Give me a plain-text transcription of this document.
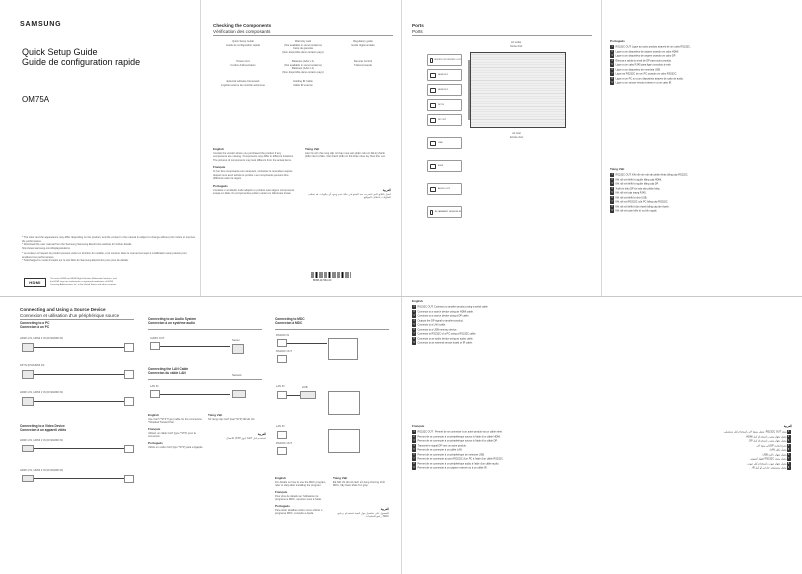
SAMSUNG
Quick Setup Guide
Guide de configuration rapide
OM75A
* The color and the appearance may differ depending on the product, and the content in the manual is subject to change without prior notice to improve the performance.
* Download the user manual from the Samsung Samsung Electronics website for further details.
http://www.samsung.com/displaysolutions
* La couleur et l'aspect du produit peuvent varier en fonction du modèle, et le contenu dans le manuel est sujet à modification sans préavis pour améliorer les performances.
* Téléchargez le mode d'emploi sur le site Web de Samsung Electronics pour plus de détails.
HDMI
The terms HDMI and HDMI High-Definition Multimedia Interface, and the HDMI Logo are trademarks or registered trademarks of HDMI Licensing Administrator, Inc. in the United States and other countries.
Checking the Components
Vérification des composants
Quick Setup Guide
Guide de configuration rapide
Warranty card
(Not available in some locations)
Carte de garantie
(Non disponible dans certains pays)
Regulatory guide
Guide réglementaire
Power cord
Cordon d'alimentation
Batteries (AAA x 2)
(Not available in some locations)
Batteries (AAA x 2)
(Non disponible dans certains pays)
Remote Control
Télécommande
External software framework
Logiciel externe de contrôle autonome
Holding IR Cable
Câble IR externe
English
Contact the vendor where you purchased the product if any components are missing. Components may differ in different locations. The pictures of components may look different from the actual items.
Français
Si l'un des composants est manquant, contactez le revendeur auprès duquel vous avez acheté le produit. Les composants peuvent être différents selon la région.
Português
Contacte o vendedor onde adquiriu o produto caso algum componente esteja em falta. Os componentes podem variar em diferentes locais.
Tiếng Việt
Liên hệ với nhà cung cấp nơi bạn mua sản phẩm nếu có bất kỳ thành phần nào bị thiếu. Các thành phần có thể khác nhau tùy theo khu vực.
العربية
اتصل بالبائع الذي اشتريت منه المنتج في حالة عدم وجود أي مكونات. قد تختلف المكونات باختلاف المواقع.
BN68-11726A-00
Ports
Ports
Air outlet
Sortie d'air
Air inlet
Entrée d'air
RS232C IN / RS232C OUT
HDMI IN 1
HDMI IN 2
DP IN
DP OUT
USB
RJ45
AUDIO OUT
IR / AMBIENT SENSOR IN
Português
1 RS232C OUT: Ligue ao outro produto através de um cabo RS232C.
2 Ligue a um dispositivo de origem usando um cabo HDMI.
3 Ligue a um dispositivo de origem usando um cabo DP.
4 Efectua a saída do sinal de DP para outro produto.
5 Ligue a um cabo RJ45 para ligar o produto à rede.
6 Ligue a um dispositivo de memória USB.
7 Ligue ao RS232C de um PC usando um cabo RS232C.
8 Ligue a um PC ou a um dispositivo através de cabo de áudio.
9 Ligue a um sensor remoto externo e a um cabo IR.
Tiếng Việt
1 RS232C OUT: Kết nối với một sản phẩm khác bằng cáp RS232C.
2 Kết nối với thiết bị nguồn bằng cáp HDMI.
3 Kết nối với thiết bị nguồn bằng cáp DP.
4 Xuất tín hiệu DP tới một sản phẩm khác.
5 Kết nối với cáp mạng RJ45.
6 Kết nối với thiết bị nhớ USB.
7 Kết nối với RS232C của PC bằng cáp RS232C.
8 Kết nối với thiết bị âm thanh bằng cáp âm thanh.
9 Kết nối với cảm biến từ xa bên ngoài.
Connecting and Using a Source Device
Connexion et utilisation d'un périphérique source
Connecting to a PC
Connexion à un PC
HDMI 1 IN, HDMI 2 IN (DVI/HDMI IN)
DP IN (DVI/HDMI IN)
HDMI 1 IN, HDMI 2 IN (DVI/HDMI IN)
Connecting to a Video Device
Connexion à un appareil vidéo
HDMI 1 IN, HDMI 2 IN (DVI/HDMI IN)
HDMI 1 IN, HDMI 2 IN (DVI/HDMI IN)
Connecting to an Audio System
Connexion à un système audio
AUDIO OUT
Stereo
Connecting the LAN Cable
Connexion du câble LAN
LAN IN
Network
English
Use Cat7 (*STP Type) cable for the connection. *Shielded Twisted Pair
Français
Utilisez un câble Cat7 (type *STP) pour la connexion.
Português
Utilize um cabo Cat7 (tipo *STP) para a ligação.
Tiếng Việt
Sử dụng cáp Cat7 (loại *STP) để kết nối.
العربية
استخدم كبل Cat7 (نوع STP) للاتصال.
Connecting to MDC
Connexion à MDC
RS232C IN
RS232C OUT
LAN IN	HUB
LAN IN
RS232C OUT
English
For details on how to use the MDC program, refer to Help after installing the program.
Français
Pour plus de détails sur l'utilisation du programme MDC, reportez-vous à l'aide.
Português
Para obter detalhes sobre como utilizar o programa MDC, consulte a Ajuda.
Tiếng Việt
Để biết chi tiết về cách sử dụng chương trình MDC, hãy tham khảo Trợ giúp.
العربية
للحصول على تفاصيل حول كيفية استخدام برنامج MDC، راجع التعليمات.
English
1 RS232C OUT: Connects to another product using a serial cable.
2 Connects to a source device using an HDMI cable.
3 Connects to a source device using a DP cable.
4 Outputs the DP signal to another product.
5 Connects to a LAN cable.
6 Connects to a USB memory device.
7 Connects to RS232C of a PC using a RS232C cable.
8 Connects to an audio device using an audio cable.
9 Connects to an external sensor board or IR cable.
Français
1 RS232C OUT : Permet de se connecter à un autre produit via un câble série.
2 Permet de se connecter à un périphérique source à l'aide d'un câble HDMI.
3 Permet de se connecter à un périphérique source à l'aide d'un câble DP.
4 Transmet le signal DP vers un autre produit.
5 Permet de se connecter à un câble LAN.
6 Permet de se connecter à un périphérique de mémoire USB.
7 Permet de se connecter au port RS232C d'un PC à l'aide d'un câble RS232C.
8 Permet de se connecter à un périphérique audio à l'aide d'un câble audio.
9 Permet de se connecter à un capteur externe ou à un câble IR.
العربية
1منفذ RS232C OUT: يتصل بمنتج آخر باستخدام كبل تسلسلي.
2يتصل بجهاز مصدر باستخدام كبل HDMI.
3يتصل بجهاز مصدر باستخدام كبل DP.
4يخرج إشارة DP إلى منتج آخر.
5يتصل بكبل LAN.
6يتصل بجهاز ذاكرة USB.
7يتصل بمنفذ RS232C لجهاز كمبيوتر.
8يتصل بجهاز صوت باستخدام كبل صوت.
9يتصل بمستشعر خارجي أو كبل IR.
